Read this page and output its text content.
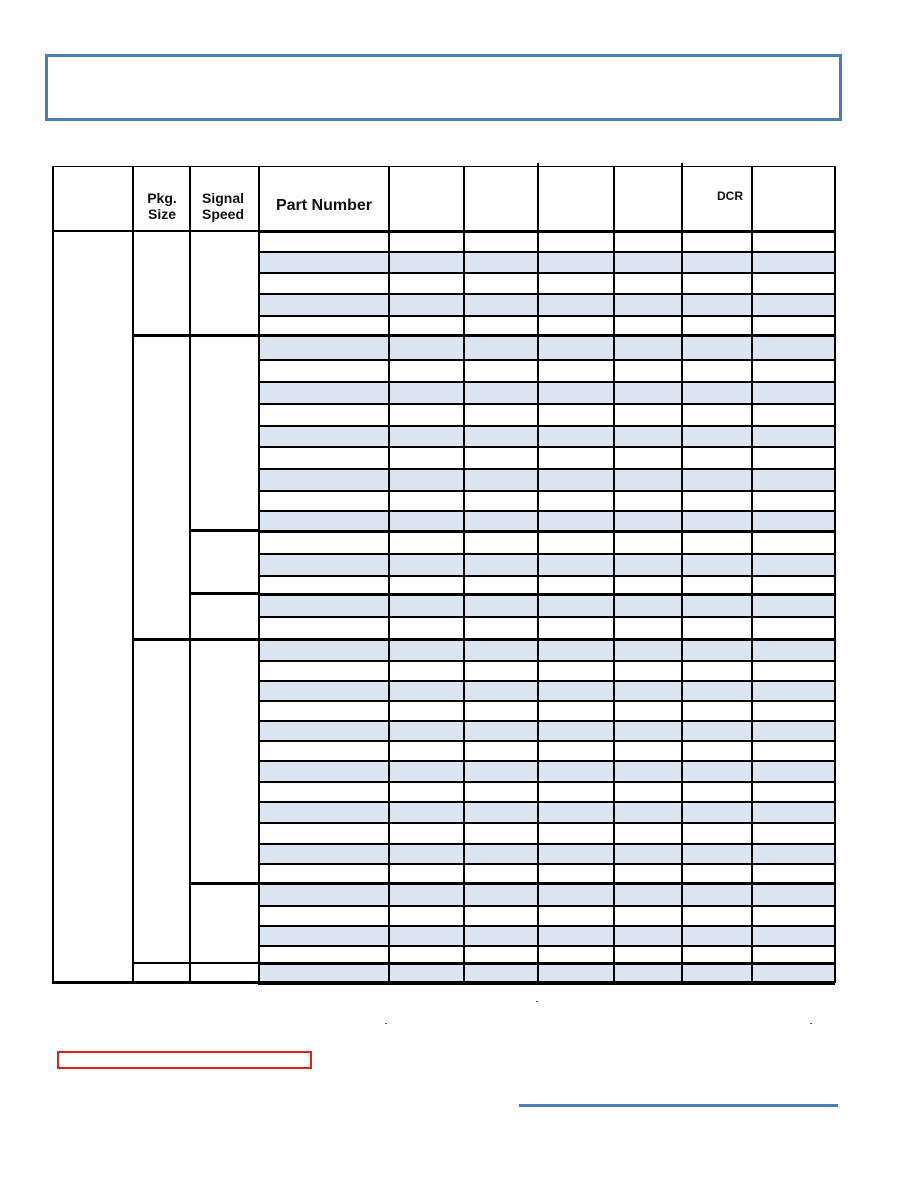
Pkg.
Size
Signal
Speed	Part Number
DCR
